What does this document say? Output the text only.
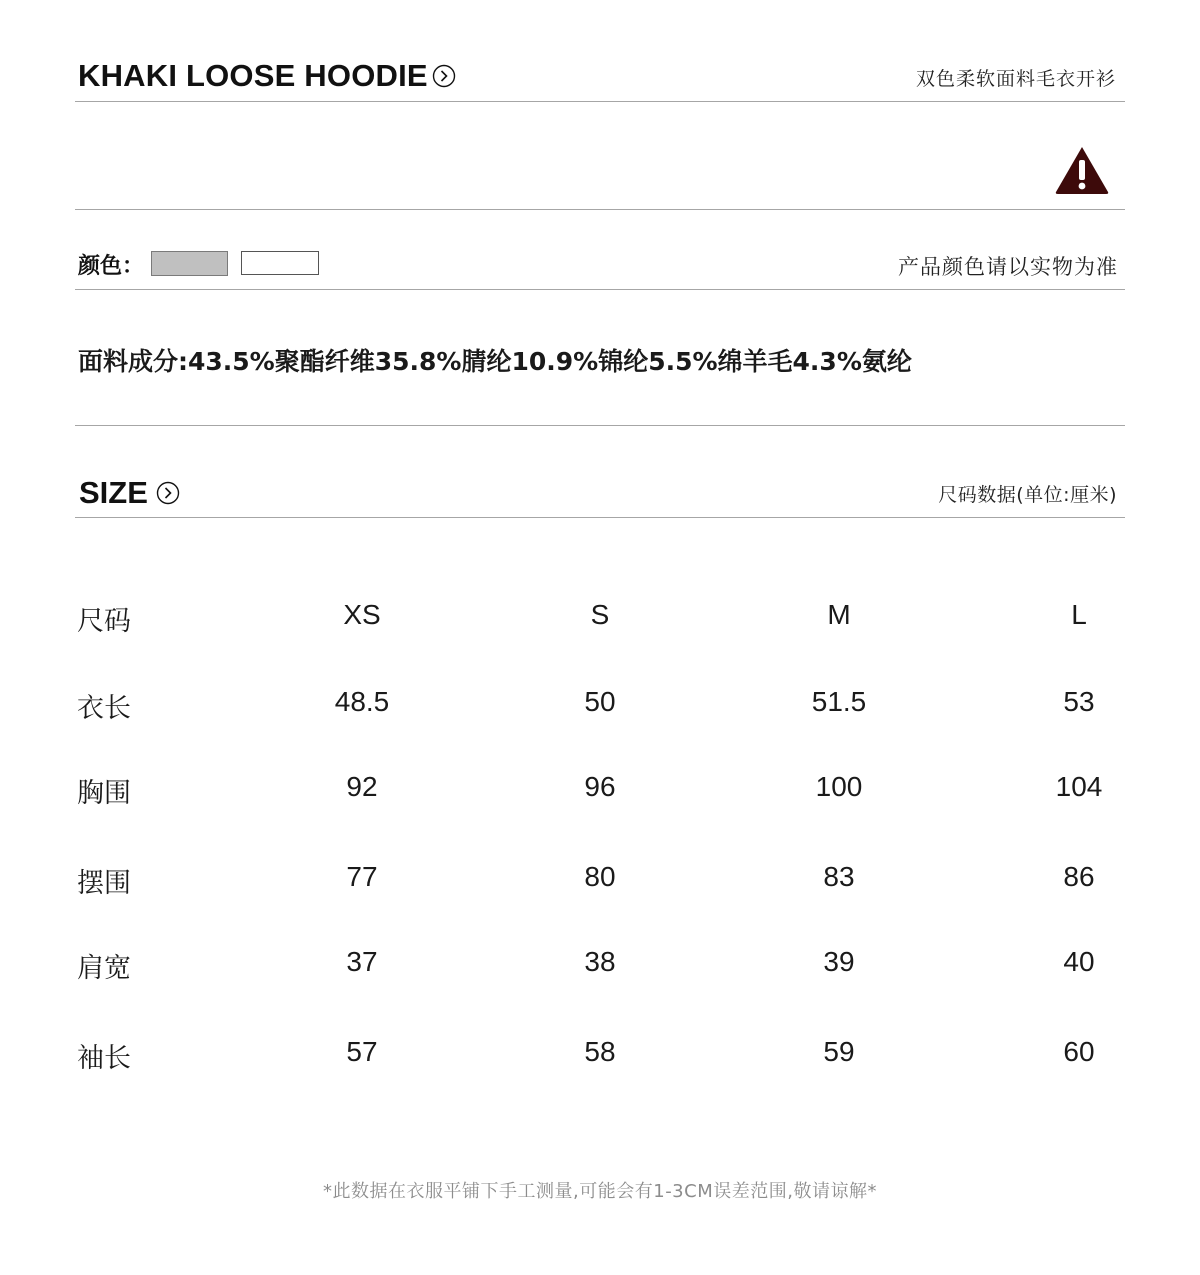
KHAKI LOOSE HOODIE	双色柔软面料毛衣开衫
颜色：	产品颜色请以实物为准
面料成分:43.5%聚酯纤维35.8%腈纶10.9%锦纶5.5%绵羊毛4.3%氨纶
SIZE	尺码数据(单位:厘米)
尺码	XS	S	M	L
衣长	48.5	50	51.5	53
胸围	92	96	100	104
摆围	77	80	83	86
肩宽	37	38	39	40
袖长	57	58	59	60
*此数据在衣服平铺下手工测量,可能会有1-3CM误差范围,敬请谅解*
